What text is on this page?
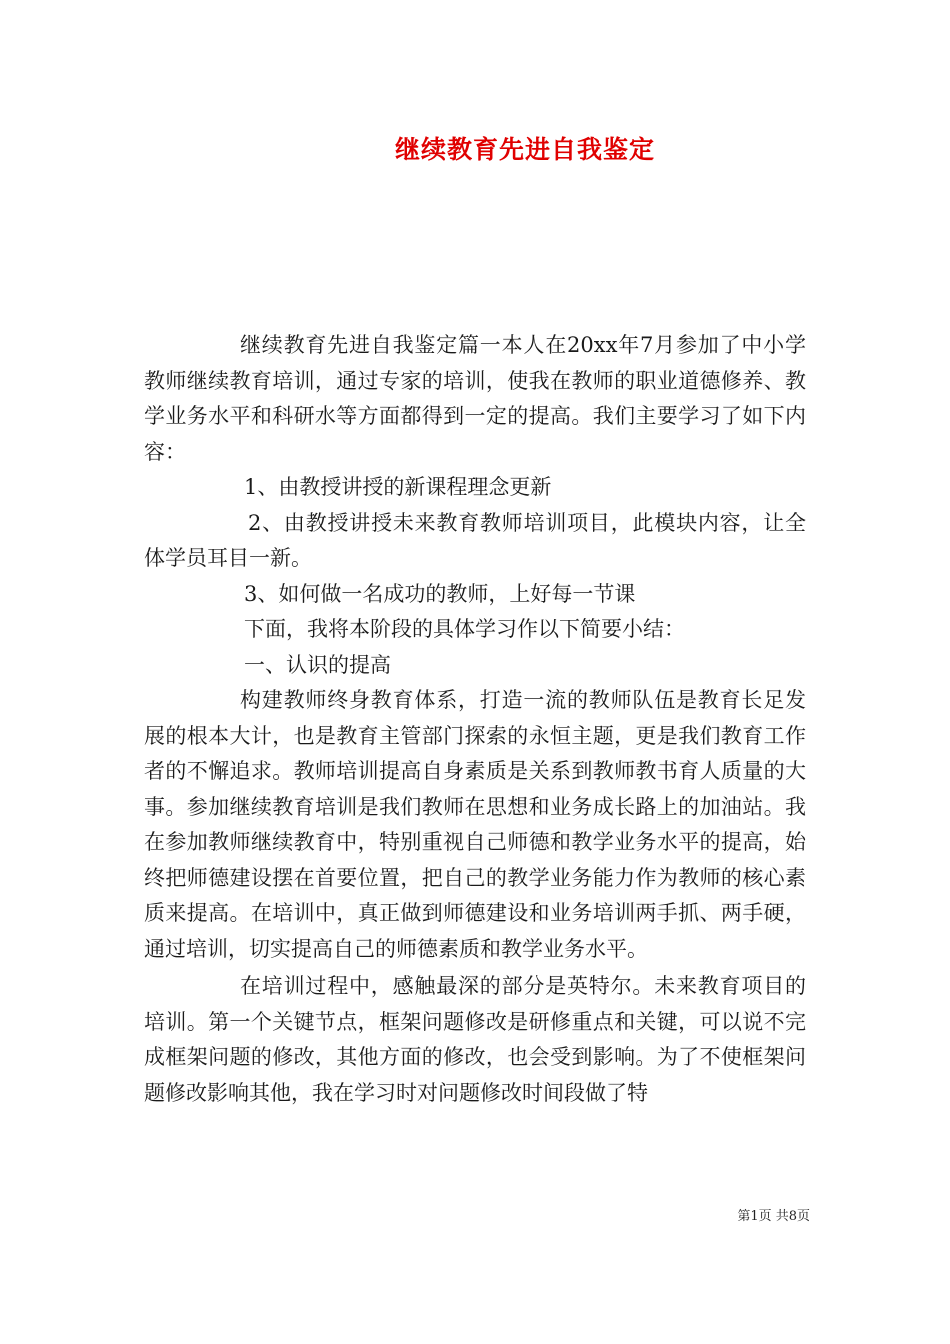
继续教育先进自我鉴定

继续教育先进自我鉴定篇一本人在20xx年7月参加了中小学教师继续教育培训，通过专家的培训，使我在教师的职业道德修养、教学业务水平和科研水等方面都得到一定的提高。我们主要学习了如下内容：

1、由教授讲授的新课程理念更新

2、由教授讲授未来教育教师培训项目，此模块内容，让全体学员耳目一新。

3、如何做一名成功的教师，上好每一节课

下面，我将本阶段的具体学习作以下简要小结：

一、认识的提高

构建教师终身教育体系，打造一流的教师队伍是教育长足发展的根本大计，也是教育主管部门探索的永恒主题，更是我们教育工作者的不懈追求。教师培训提高自身素质是关系到教师教书育人质量的大事。参加继续教育培训是我们教师在思想和业务成长路上的加油站。我在参加教师继续教育中，特别重视自己师德和教学业务水平的提高，始终把师德建设摆在首要位置，把自己的教学业务能力作为教师的核心素质来提高。在培训中，真正做到师德建设和业务培训两手抓、两手硬，通过培训，切实提高自己的师德素质和教学业务水平。

在培训过程中，感触最深的部分是英特尔。未来教育项目的培训。第一个关键节点，框架问题修改是研修重点和关键，可以说不完成框架问题的修改，其他方面的修改，也会受到影响。为了不使框架问题修改影响其他，我在学习时对问题修改时间段做了特

第1页 共8页
